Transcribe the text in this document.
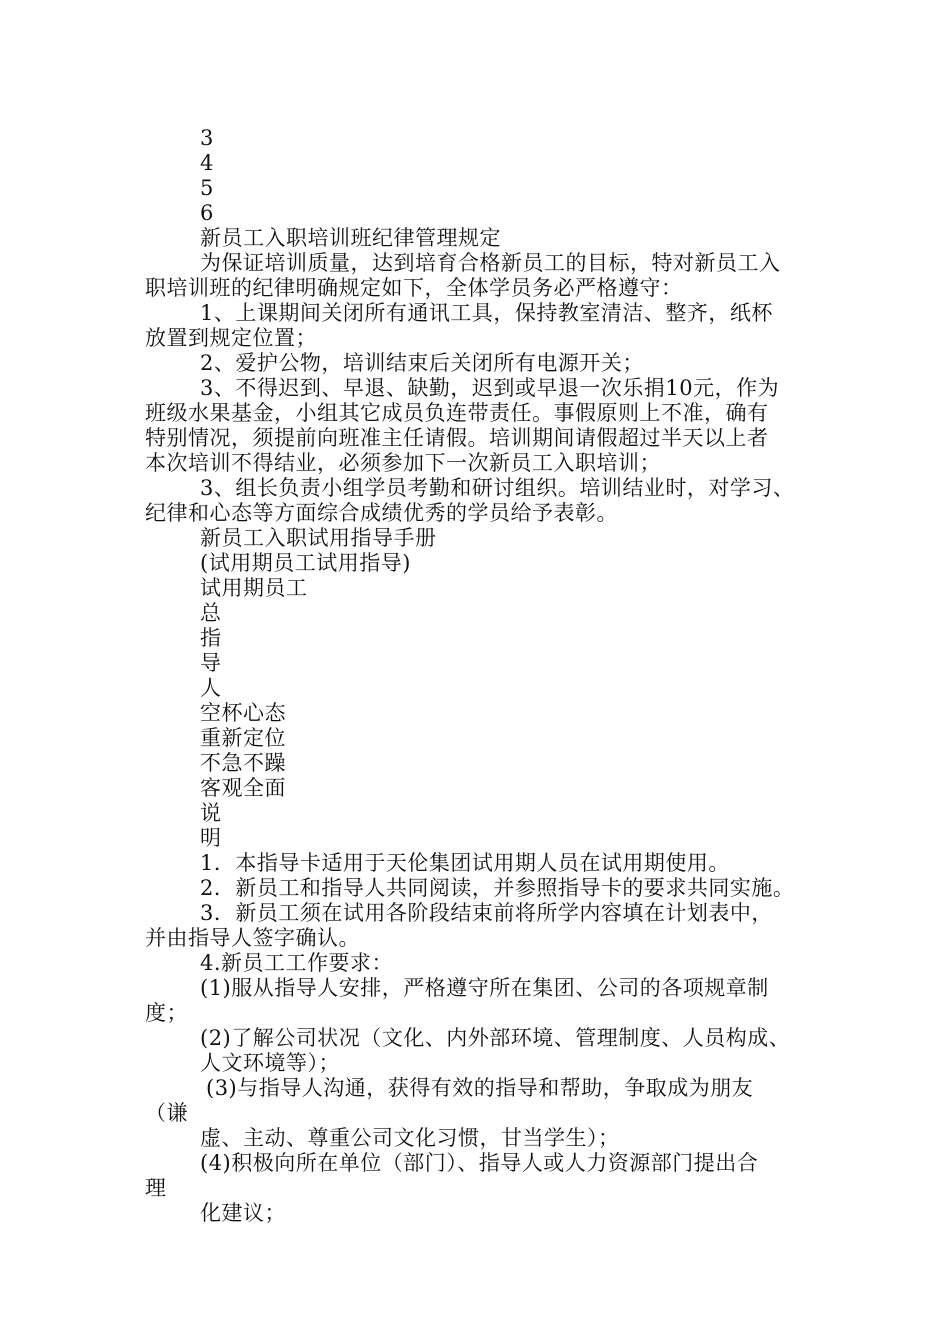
3
4
5
6
新员工入职培训班纪律管理规定
为保证培训质量，达到培育合格新员工的目标，特对新员工入
职培训班的纪律明确规定如下，全体学员务必严格遵守：
1、上课期间关闭所有通讯工具，保持教室清洁、整齐，纸杯
放置到规定位置；
2、爱护公物，培训结束后关闭所有电源开关；
3、不得迟到、早退、缺勤，迟到或早退一次乐捐10元，作为
班级水果基金，小组其它成员负连带责任。事假原则上不准，确有
特别情况，须提前向班准主任请假。培训期间请假超过半天以上者
本次培训不得结业，必须参加下一次新员工入职培训；
3、组长负责小组学员考勤和研讨组织。培训结业时，对学习、
纪律和心态等方面综合成绩优秀的学员给予表彰。
新员工入职试用指导手册
(试用期员工试用指导)
试用期员工
总
指
导
人
空杯心态
重新定位
不急不躁
客观全面
说
明
1．本指导卡适用于天伦集团试用期人员在试用期使用。
2．新员工和指导人共同阅读，并参照指导卡的要求共同实施。
3．新员工须在试用各阶段结束前将所学内容填在计划表中，
并由指导人签字确认。
4.新员工工作要求：
(1)服从指导人安排，严格遵守所在集团、公司的各项规章制
度；
(2)了解公司状况（文化、内外部环境、管理制度、人员构成、
人文环境等）；
(3)与指导人沟通，获得有效的指导和帮助，争取成为朋友
（谦
虚、主动、尊重公司文化习惯，甘当学生）；
(4)积极向所在单位（部门）、指导人或人力资源部门提出合
理
化建议；
